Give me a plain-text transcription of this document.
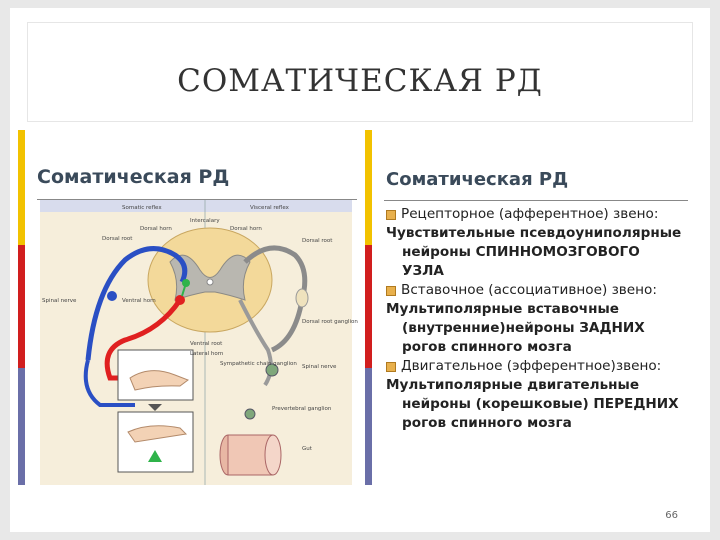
СОМАТИЧЕСКАЯ РД
Соматическая РД
Somatic reflex	Visceral reflex
Intercalary
Dorsal root
Dorsal horn	Dorsal horn
Dorsal root
Spinal nerve	Ventral horn
Ventral root
Lateral horn
Dorsal root ganglion
Sympathetic chain ganglion Spinal nerve
Prevertebral ganglion
Gut
Соматическая РД
Рецепторное (афферентное) звено:
Чувствительные псевдоуниполярные
нейроны СПИННОМОЗГОВОГО УЗЛА
Вставочное (ассоциативное) звено:
Мультиполярные вставочные
(внутренние)нейроны ЗАДНИХ
рогов спинного мозга
Двигательное (эфферентное)звено:
Мультиполярные двигательные
нейроны (корешковые) ПЕРЕДНИХ
рогов спинного мозга
66
